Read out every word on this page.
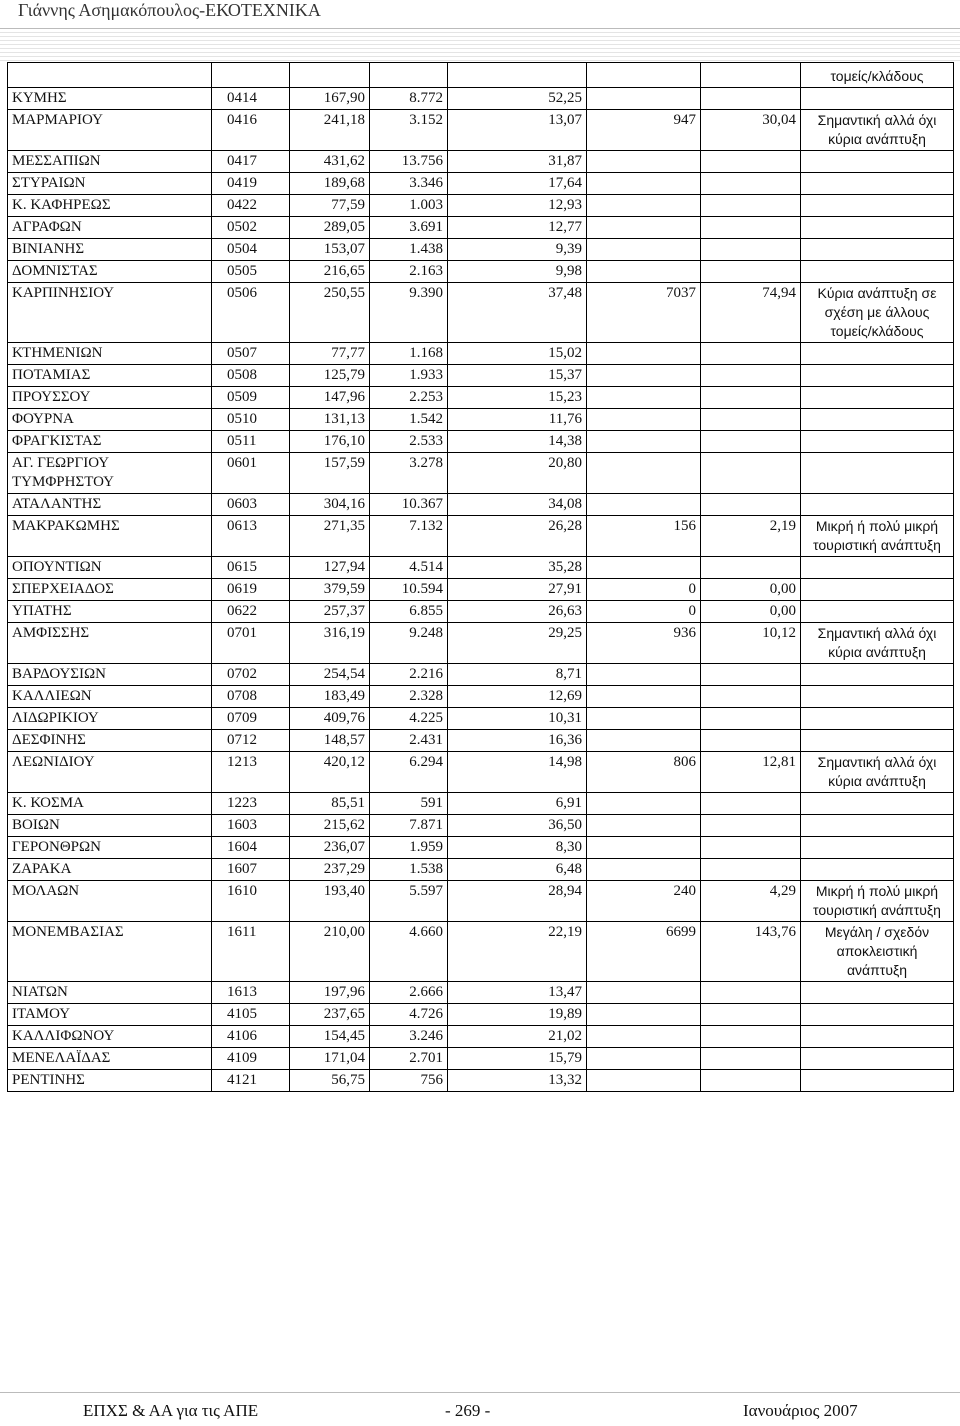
Γιάννης Ασημακόπουλος-ΕΚΟΤΕΧΝΙΚΑ
							τομείς/κλάδους
ΚΥΜΗΣ	0414	167,90	8.772	52,25			
ΜΑΡΜΑΡΙΟΥ	0416	241,18	3.152	13,07	947	30,04	Σημαντική αλλά όχι κύρια ανάπτυξη
ΜΕΣΣΑΠΙΩΝ	0417	431,62	13.756	31,87			
ΣΤΥΡΑΙΩΝ	0419	189,68	3.346	17,64			
Κ. ΚΑΦΗΡΕΩΣ	0422	77,59	1.003	12,93			
ΑΓΡΑΦΩΝ	0502	289,05	3.691	12,77			
ΒΙΝΙΑΝΗΣ	0504	153,07	1.438	9,39			
ΔΟΜΝΙΣΤΑΣ	0505	216,65	2.163	9,98			
ΚΑΡΠΙΝΗΣΙΟΥ	0506	250,55	9.390	37,48	7037	74,94	Κύρια ανάπτυξη σε σχέση με άλλους τομείς/κλάδους
ΚΤΗΜΕΝΙΩΝ	0507	77,77	1.168	15,02			
ΠΟΤΑΜΙΑΣ	0508	125,79	1.933	15,37			
ΠΡΟΥΣΣΟΥ	0509	147,96	2.253	15,23			
ΦΟΥΡΝΑ	0510	131,13	1.542	11,76			
ΦΡΑΓΚΙΣΤΑΣ	0511	176,10	2.533	14,38			
ΑΓ. ΓΕΩΡΓΙΟΥ ΤΥΜΦΡΗΣΤΟΥ	0601	157,59	3.278	20,80			
ΑΤΑΛΑΝΤΗΣ	0603	304,16	10.367	34,08			
ΜΑΚΡΑΚΩΜΗΣ	0613	271,35	7.132	26,28	156	2,19	Μικρή ή πολύ μικρή τουριστική ανάπτυξη
ΟΠΟΥΝΤΙΩΝ	0615	127,94	4.514	35,28			
ΣΠΕΡΧΕΙΑΔΟΣ	0619	379,59	10.594	27,91	0	0,00	
ΥΠΑΤΗΣ	0622	257,37	6.855	26,63	0	0,00	
ΑΜΦΙΣΣΗΣ	0701	316,19	9.248	29,25	936	10,12	Σημαντική αλλά όχι κύρια ανάπτυξη
ΒΑΡΔΟΥΣΙΩΝ	0702	254,54	2.216	8,71			
ΚΑΛΛΙΕΩΝ	0708	183,49	2.328	12,69			
ΛΙΔΩΡΙΚΙΟΥ	0709	409,76	4.225	10,31			
ΔΕΣΦΙΝΗΣ	0712	148,57	2.431	16,36			
ΛΕΩΝΙΔΙΟΥ	1213	420,12	6.294	14,98	806	12,81	Σημαντική αλλά όχι κύρια ανάπτυξη
Κ. ΚΟΣΜΑ	1223	85,51	591	6,91			
ΒΟΙΩΝ	1603	215,62	7.871	36,50			
ΓΕΡΟΝΘΡΩΝ	1604	236,07	1.959	8,30			
ΖΑΡΑΚΑ	1607	237,29	1.538	6,48			
ΜΟΛΑΩΝ	1610	193,40	5.597	28,94	240	4,29	Μικρή ή πολύ μικρή τουριστική ανάπτυξη
ΜΟΝΕΜΒΑΣΙΑΣ	1611	210,00	4.660	22,19	6699	143,76	Μεγάλη / σχεδόν αποκλειστική ανάπτυξη
ΝΙΑΤΩΝ	1613	197,96	2.666	13,47			
ΙΤΑΜΟΥ	4105	237,65	4.726	19,89			
ΚΑΛΛΙΦΩΝΟΥ	4106	154,45	3.246	21,02			
ΜΕΝΕΛΑΪΔΑΣ	4109	171,04	2.701	15,79			
ΡΕΝΤΙΝΗΣ	4121	56,75	756	13,32			
ΕΠΧΣ & ΑΑ για τις ΑΠΕ	- 269 -	Ιανουάριος 2007
